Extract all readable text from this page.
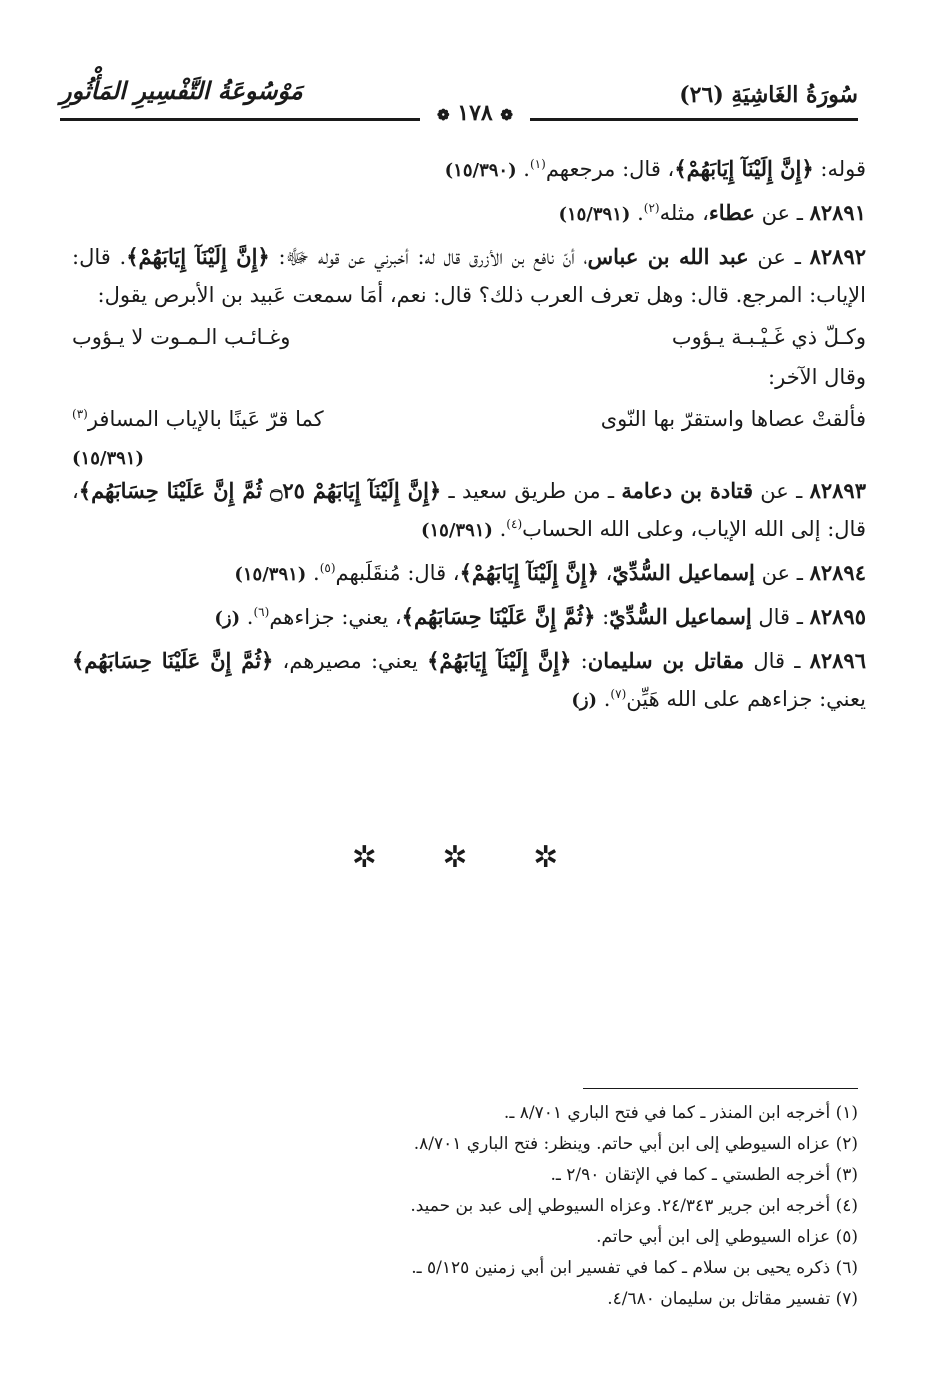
سُورَةُ الغَاشِيَةِ (٢٦)
مَوْسُوعَةُ التَّفْسِيرِ المَأْثُورِ
❁ ١٧٨ ❁

قوله: ﴿إِنَّ إِلَيْنَآ إِيَابَهُمْ﴾، قال: مرجعهم$^{(١)}$. (١٥/٣٩٠)

٨٢٨٩١ ـ عن عطاء، مثله$^{(٢)}$. (١٥/٣٩١)

٨٢٨٩٢ ـ عن عبد الله بن عباس، أنّ نافع بن الأزرق قال له: أخبرني عن قوله ﷻ: ﴿إِنَّ إِلَيْنَآ إِيَابَهُمْ﴾. قال: الإياب: المرجع. قال: وهل تعرف العرب ذلك؟ قال: نعم، أمَا سمعت عَبيد بن الأبرص يقول:

وكـلّ ذي غَـيْـبـة يـؤوب
وغـائـب الـمـوت لا يـؤوب

وقال الآخر:

فألقتْ عصاها واستقرّ بها النّوى
كما قرّ عَينًا بالإياب المسافر$^{(٣)}$
(١٥/٣٩١)

٨٢٨٩٣ ـ عن قتادة بن دعامة ـ من طريق سعيد ـ ﴿إِنَّ إِلَيْنَآ إِيَابَهُمْ ۝٢٥ ثُمَّ إِنَّ عَلَيْنَا حِسَابَهُم﴾، قال: إلى الله الإياب، وعلى الله الحساب$^{(٤)}$. (١٥/٣٩١)

٨٢٨٩٤ ـ عن إسماعيل السُّدِّيّ، ﴿إِنَّ إِلَيْنَآ إِيَابَهُمْ﴾، قال: مُنقَلَبهم$^{(٥)}$. (١٥/٣٩١)

٨٢٨٩٥ ـ قال إسماعيل السُّدِّيّ: ﴿ثُمَّ إِنَّ عَلَيْنَا حِسَابَهُم﴾، يعني: جزاءهم$^{(٦)}$. (ز)

٨٢٨٩٦ ـ قال مقاتل بن سليمان: ﴿إِنَّ إِلَيْنَآ إِيَابَهُمْ﴾ يعني: مصيرهم، ﴿ثُمَّ إِنَّ عَلَيْنَا حِسَابَهُم﴾ يعني: جزاءهم على الله هَيِّن$^{(٧)}$. (ز)

✲ ✲ ✲
(١) أخرجه ابن المنذر ـ كما في فتح الباري ٨/٧٠١ ـ.
(٢) عزاه السيوطي إلى ابن أبي حاتم. وينظر: فتح الباري ٨/٧٠١.
(٣) أخرجه الطستي ـ كما في الإتقان ٢/٩٠ ـ.
(٤) أخرجه ابن جرير ٢٤/٣٤٣. وعزاه السيوطي إلى عبد بن حميد.
(٥) عزاه السيوطي إلى ابن أبي حاتم.
(٦) ذكره يحيى بن سلام ـ كما في تفسير ابن أبي زمنين ٥/١٢٥ ـ.
(٧) تفسير مقاتل بن سليمان ٤/٦٨٠.
